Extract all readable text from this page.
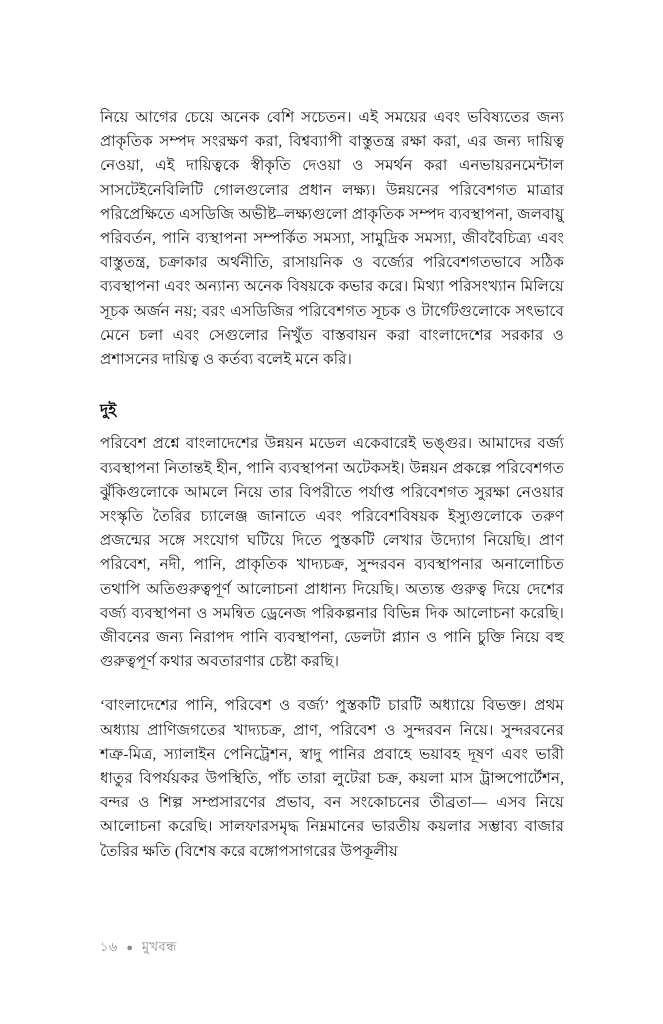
নিয়ে আগের চেয়ে অনেক বেশি সচেতন। এই সময়ের এবং ভবিষ্যতের জন্য প্রাকৃতিক সম্পদ সংরক্ষণ করা, বিশ্বব্যাপী বাস্তুতন্ত্র রক্ষা করা, এর জন্য দায়িত্ব নেওয়া, এই দায়িত্বকে স্বীকৃতি দেওয়া ও সমর্থন করা এনভায়রনমেন্টাল সাসটেইনেবিলিটি গোলগুলোর প্রধান লক্ষ্য। উন্নয়নের পরিবেশগত মাত্রার পরিপ্রেক্ষিতে এসডিজি অভীষ্ট–লক্ষ্যগুলো প্রাকৃতিক সম্পদ ব্যবস্থাপনা, জলবায়ু পরিবর্তন, পানি ব্যস্থাপনা সম্পর্কিত সমস্যা, সামুদ্রিক সমস্যা, জীববৈচিত্র্য এবং বাস্তুতন্ত্র, চক্রাকার অর্থনীতি, রাসায়নিক ও বর্জ্যের পরিবেশগতভাবে সঠিক ব্যবস্থাপনা এবং অন্যান্য অনেক বিষয়কে কভার করে। মিথ্যা পরিসংখ্যান মিলিয়ে সূচক অর্জন নয়; বরং এসডিজির পরিবেশগত সূচক ও টার্গেটগুলোকে সৎভাবে মেনে চলা এবং সেগুলোর নিখুঁত বাস্তবায়ন করা বাংলাদেশের সরকার ও প্রশাসনের দায়িত্ব ও কর্তব্য বলেই মনে করি।

দুই

পরিবেশ প্রশ্নে বাংলাদেশের উন্নয়ন মডেল একেবারেই ভঙ্গুর। আমাদের বর্জ্য ব্যবস্থাপনা নিতান্তই হীন, পানি ব্যবস্থাপনা অটেকসই। উন্নয়ন প্রকল্পে পরিবেশগত ঝুঁকিগুলোকে আমলে নিয়ে তার বিপরীতে পর্যাপ্ত পরিবেশগত সুরক্ষা নেওয়ার সংস্কৃতি তৈরির চ্যালেঞ্জ জানাতে এবং পরিবেশবিষয়ক ইস্যুগুলোকে তরুণ প্রজন্মের সঙ্গে সংযোগ ঘটিয়ে দিতে পুস্তকটি লেখার উদ্যোগ নিয়েছি। প্রাণ পরিবেশ, নদী, পানি, প্রাকৃতিক খাদ্যচক্র, সুন্দরবন ব্যবস্থাপনার অনালোচিত তথাপি অতিগুরুত্বপূর্ণ আলোচনা প্রাধান্য দিয়েছি। অত্যন্ত গুরুত্ব দিয়ে দেশের বর্জ্য ব্যবস্থাপনা ও সমন্বিত ড্রেনেজ পরিকল্পনার বিভিন্ন দিক আলোচনা করেছি। জীবনের জন্য নিরাপদ পানি ব্যবস্থাপনা, ডেলটা প্ল্যান ও পানি চুক্তি নিয়ে বহু গুরুত্বপূর্ণ কথার অবতারণার চেষ্টা করছি।

‘বাংলাদেশের পানি, পরিবেশ ও বর্জ্য’ পুস্তকটি চারটি অধ্যায়ে বিভক্ত। প্রথম অধ্যায় প্রাণিজগতের খাদ্যচক্র, প্রাণ, পরিবেশ ও সুন্দরবন নিয়ে। সুন্দরবনের শত্রু-মিত্র, স্যালাইন পেনিট্রেশন, স্বাদু পানির প্রবাহে ভয়াবহ দূষণ এবং ভারী ধাতুর বিপর্যয়কর উপস্থিতি, পাঁচ তারা লুটেরা চক্র, কয়লা মাস ট্রান্সপোর্টেশন, বন্দর ও শিল্প সম্প্রসারণের প্রভাব, বন সংকোচনের তীব্রতা— এসব নিয়ে আলোচনা করেছি। সালফারসমৃদ্ধ নিম্নমানের ভারতীয় কয়লার সম্ভাব্য বাজার তৈরির ক্ষতি (বিশেষ করে বঙ্গোপসাগরের উপকূলীয়

১৬ ● মুখবন্ধ
